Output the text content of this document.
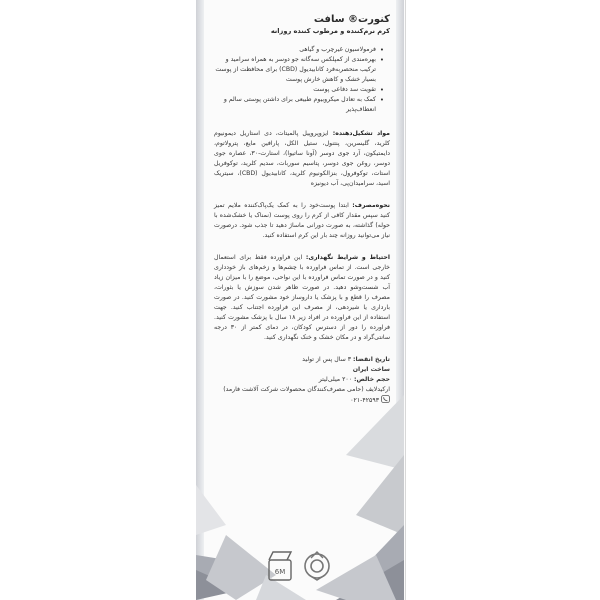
کنورت® سافت
کرم نرم‌کننده و مرطوب کننده روزانه
• فرمولاسیون غیرچرب و گیاهی
• بهره‌مندی از کمپلکس سه‌گانه جو دوسر به همراه سرامید و ترکیب منحصربه‌فرد کانابیدیول (CBD) برای محافظت از پوست بسیار خشک و کاهش خارش پوست
• تقویت سد دفاعی پوست
• کمک به تعادل میکروبیوم طبیعی برای داشتن پوستی سالم و انعطاف‌پذیر

مواد تشکیل‌دهنده: ایزوپروپیل پالمیتات، دی استاریل دیمونیوم کلرید، گلیسرین، پنتنول، ستیل الکل، پارافین مایع، پترولاتوم، دایمتیکون، آرد جوی دوسر (آونا ساتیوا)، استارت-۳۰، عصاره جوی دوسر، روغن جوی دوسر، پتاسیم سوربات، سدیم کلرید، توکوفریل استات، توکوفرول، بنزالکونیوم کلرید، کانابیدیول (CBD)، سیتریک اسید، سرامید‌ان‌پی، آب دیونیزه

نحوه‌مصرف: ابتدا پوست‌خود را به کمک یک‌پاک‌کننده ملایم تمیز کنید سپس مقدار کافی از کرم را روی پوست (نمناک یا خشک‌شده با حوله) گذاشته، به صورت دورانی ماساژ دهید تا جذب شود. درصورت نیاز می‌توانید روزانه چند بار این کرم استفاده کنید.

احتیاط و شرایط نگهداری: این فراورده فقط برای استعمال خارجی است. از تماس فراورده با چشم‌ها و زخم‌های باز خودداری کنید و در صورت تماس فراورده با این نواحی، موضع را با میزان زیاد آب شست‌وشو دهید. در صورت ظاهر شدن سوزش یا بثورات، مصرف را قطع و با پزشک یا داروساز خود مشورت کنید. در صورت بارداری یا شیردهی، از مصرف این فراورده اجتناب کنید. جهت استفاده از این فراورده در افراد زیر ۱۸ سال با پزشک مشورت کنید. فراورده را دور از دسترس کودکان، در دمای کمتر از ۳۰ درجه سانتی‌گراد و در مکان خشک و خنک نگهداری کنید.

تاریخ انقضا: ۳ سال پس از تولید

ساخت ایران

حجم خالص: ۲۰۰ میلی‌لیتر

ارکیدلایف (حامی مصرف‌کنندگان محصولات شرکت آلاشت فارمد)

۰۲۱-۴۲۵۹۳

6M
